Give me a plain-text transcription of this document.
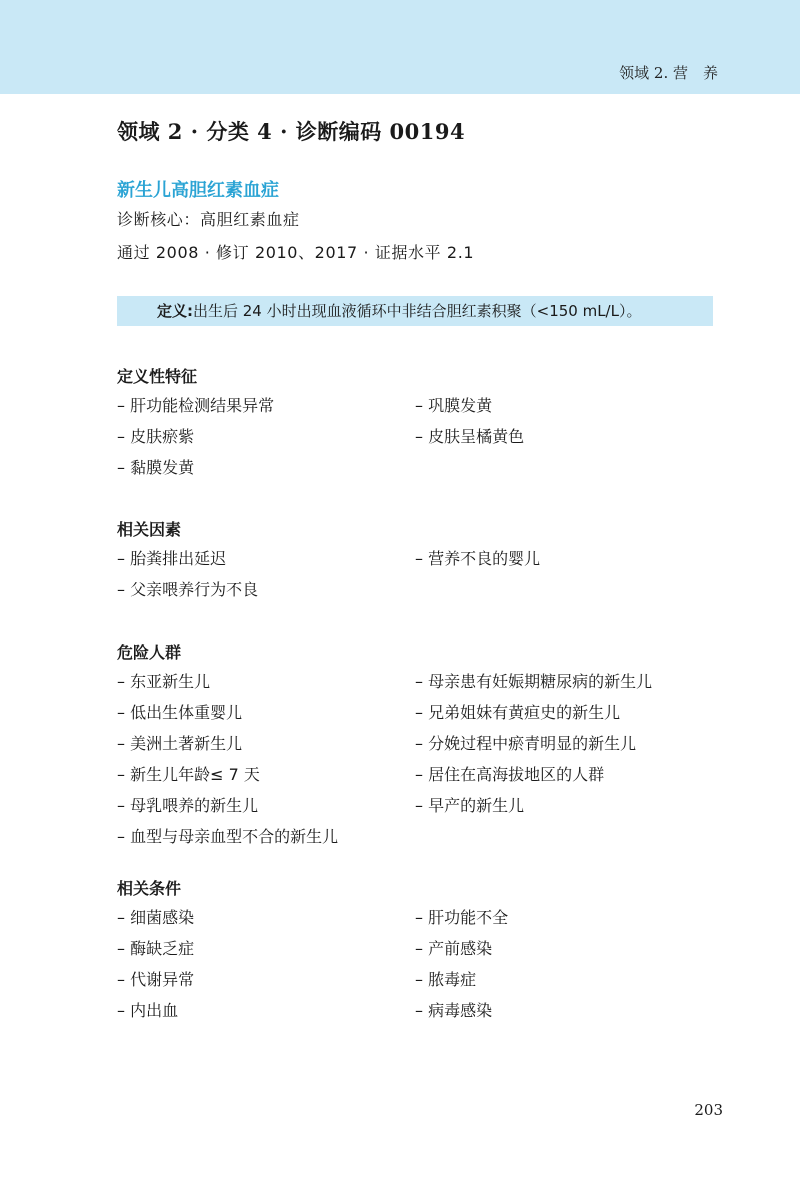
领域 2. 营　养
领域 2 · 分类 4 · 诊断编码 00194
新生儿高胆红素血症
诊断核心：高胆红素血症
通过 2008 · 修订 2010、2017 · 证据水平 2.1
定义:出生后 24 小时出现血液循环中非结合胆红素积聚（<150 mL/L）。
定义性特征
– 肝功能检测结果异常	– 巩膜发黄
– 皮肤瘀紫	– 皮肤呈橘黄色
– 黏膜发黄
相关因素
– 胎粪排出延迟	– 营养不良的婴儿
– 父亲喂养行为不良
危险人群
– 东亚新生儿	– 母亲患有妊娠期糖尿病的新生儿
– 低出生体重婴儿	– 兄弟姐妹有黄疸史的新生儿
– 美洲土著新生儿	– 分娩过程中瘀青明显的新生儿
– 新生儿年龄≤ 7 天	– 居住在高海拔地区的人群
– 母乳喂养的新生儿	– 早产的新生儿
– 血型与母亲血型不合的新生儿
相关条件
– 细菌感染	– 肝功能不全
– 酶缺乏症	– 产前感染
– 代谢异常	– 脓毒症
– 内出血	– 病毒感染
203
